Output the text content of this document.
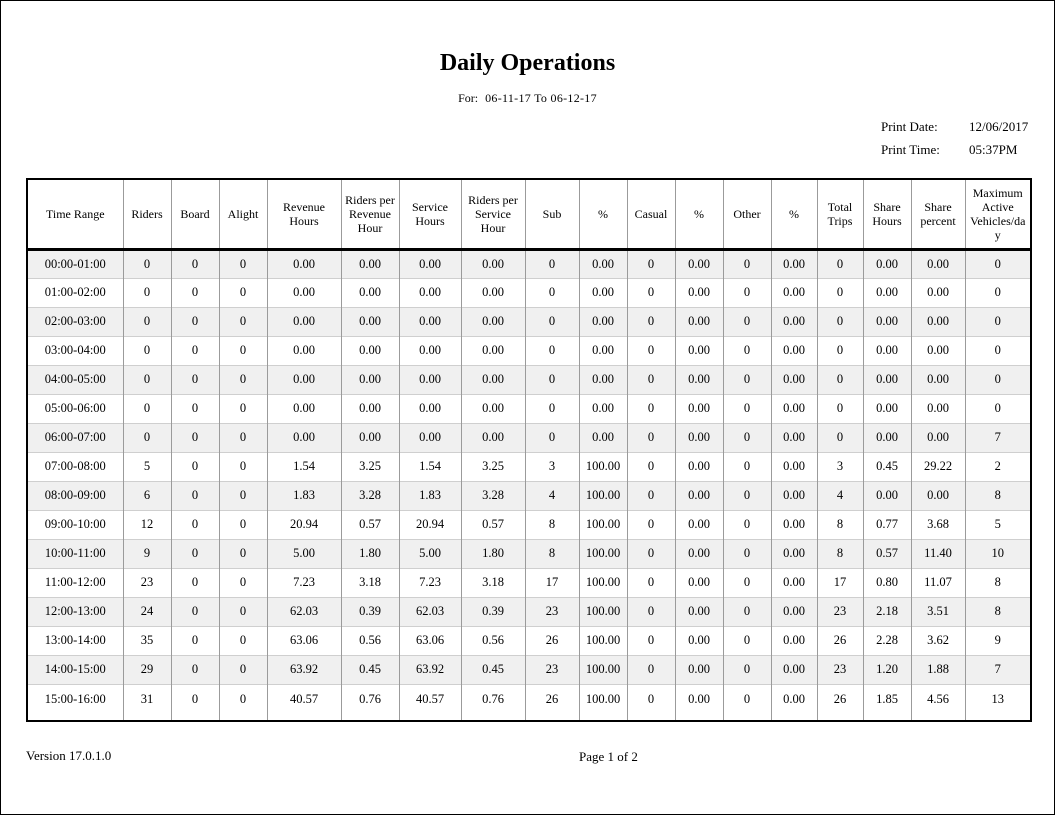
Daily Operations
For: 06-11-17 To 06-12-17
Print Date:	12/06/2017
Print Time:	05:37PM
Time Range	Riders	Board	Alight	Revenue Hours	Riders per Revenue Hour	Service Hours	Riders per Service Hour	Sub	%	Casual	%	Other	%	Total Trips	Share Hours	Share percent	Maximum Active Vehicles/day
00:00-01:00	0	0	0	0.00	0.00	0.00	0.00	0	0.00	0	0.00	0	0.00	0	0.00	0.00	0
01:00-02:00	0	0	0	0.00	0.00	0.00	0.00	0	0.00	0	0.00	0	0.00	0	0.00	0.00	0
02:00-03:00	0	0	0	0.00	0.00	0.00	0.00	0	0.00	0	0.00	0	0.00	0	0.00	0.00	0
03:00-04:00	0	0	0	0.00	0.00	0.00	0.00	0	0.00	0	0.00	0	0.00	0	0.00	0.00	0
04:00-05:00	0	0	0	0.00	0.00	0.00	0.00	0	0.00	0	0.00	0	0.00	0	0.00	0.00	0
05:00-06:00	0	0	0	0.00	0.00	0.00	0.00	0	0.00	0	0.00	0	0.00	0	0.00	0.00	0
06:00-07:00	0	0	0	0.00	0.00	0.00	0.00	0	0.00	0	0.00	0	0.00	0	0.00	0.00	7
07:00-08:00	5	0	0	1.54	3.25	1.54	3.25	3	100.00	0	0.00	0	0.00	3	0.45	29.22	2
08:00-09:00	6	0	0	1.83	3.28	1.83	3.28	4	100.00	0	0.00	0	0.00	4	0.00	0.00	8
09:00-10:00	12	0	0	20.94	0.57	20.94	0.57	8	100.00	0	0.00	0	0.00	8	0.77	3.68	5
10:00-11:00	9	0	0	5.00	1.80	5.00	1.80	8	100.00	0	0.00	0	0.00	8	0.57	11.40	10
11:00-12:00	23	0	0	7.23	3.18	7.23	3.18	17	100.00	0	0.00	0	0.00	17	0.80	11.07	8
12:00-13:00	24	0	0	62.03	0.39	62.03	0.39	23	100.00	0	0.00	0	0.00	23	2.18	3.51	8
13:00-14:00	35	0	0	63.06	0.56	63.06	0.56	26	100.00	0	0.00	0	0.00	26	2.28	3.62	9
14:00-15:00	29	0	0	63.92	0.45	63.92	0.45	23	100.00	0	0.00	0	0.00	23	1.20	1.88	7
15:00-16:00	31	0	0	40.57	0.76	40.57	0.76	26	100.00	0	0.00	0	0.00	26	1.85	4.56	13
Version 17.0.1.0	Page 1 of 2
